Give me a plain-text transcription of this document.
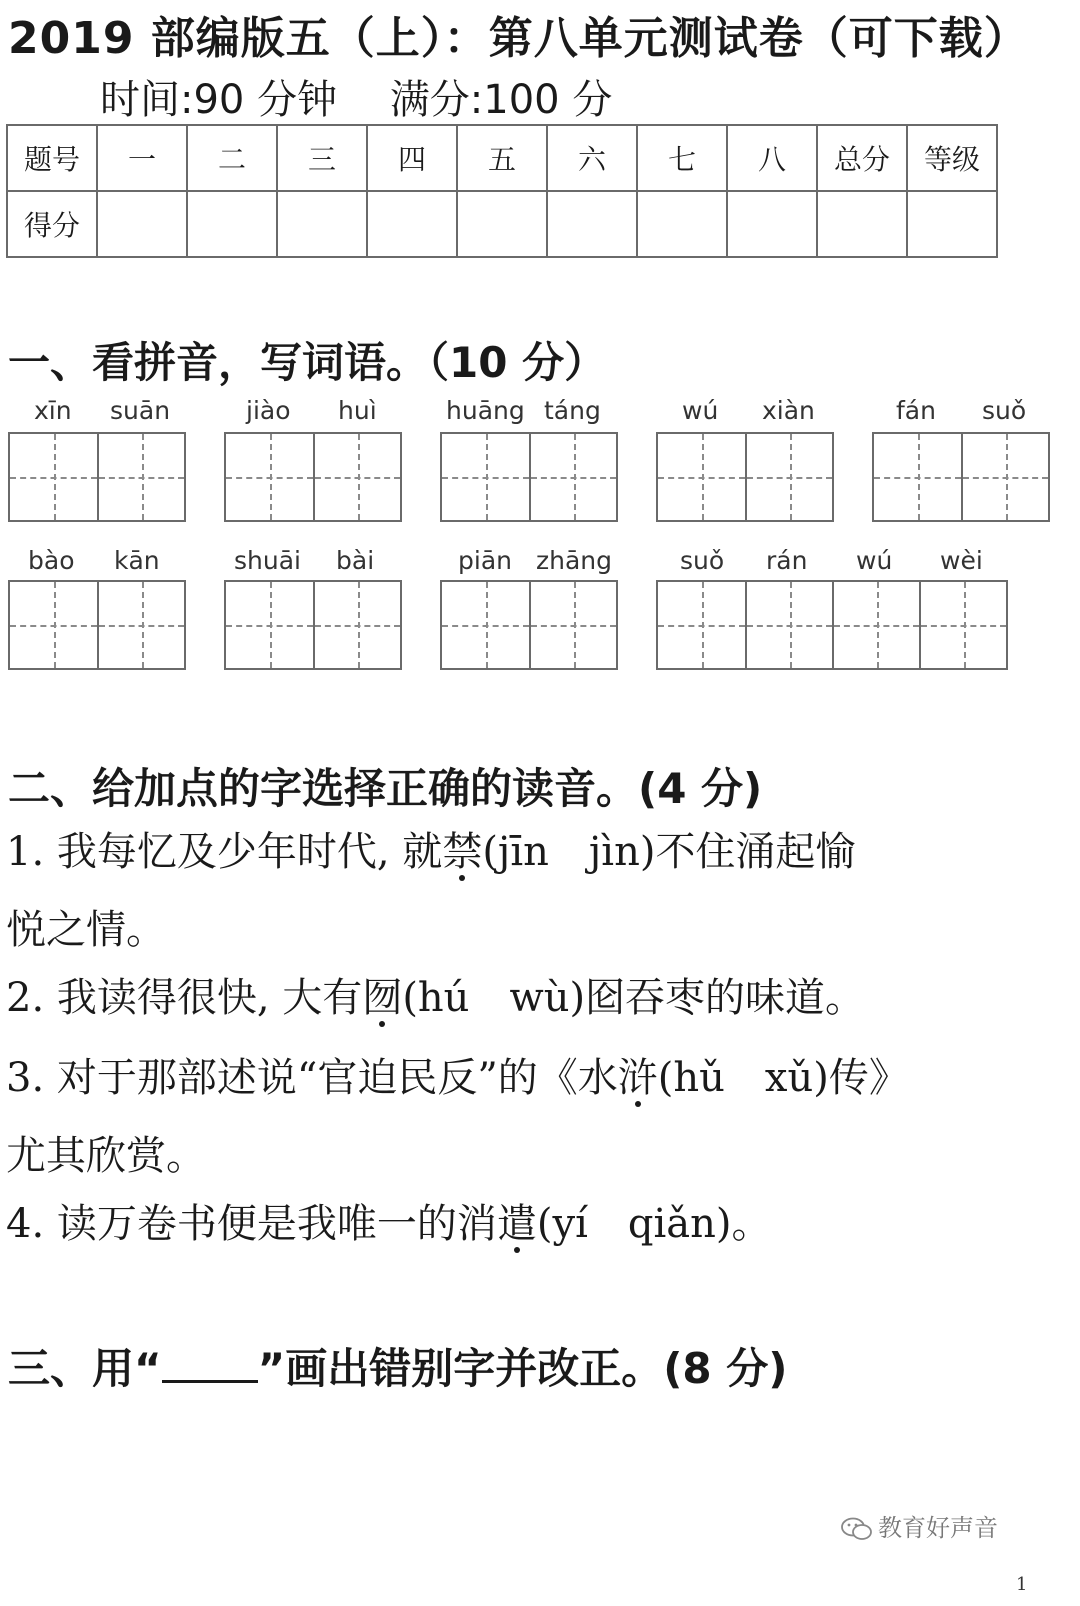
2019 部编版五（上）：第八单元测试卷（可下载）
时间:90 分钟　 满分:100 分
题号	一	二	三	四	五	六	七	八	总分	等级
得分										
一、看拼音，写词语。（10 分）
xīn suān	jiào huì	huāng táng	wú xiàn	fán suǒ
bào kān	shuāi bài	piān zhāng	suǒ rán wú wèi
二、给加点的字选择正确的读音。(4 分)
1. 我每忆及少年时代, 就禁(jīn jìn)不住涌起愉
悦之情。
2. 我读得很快, 大有囫(hú wù)囵吞枣的味道。
3. 对于那部述说“官迫民反”的《水浒(hǔ xǔ)传》
尤其欣赏。
4. 读万卷书便是我唯一的消遣(yí qiǎn)。
三、用“ ”画出错别字并改正。(8 分)
教育好声音
1
